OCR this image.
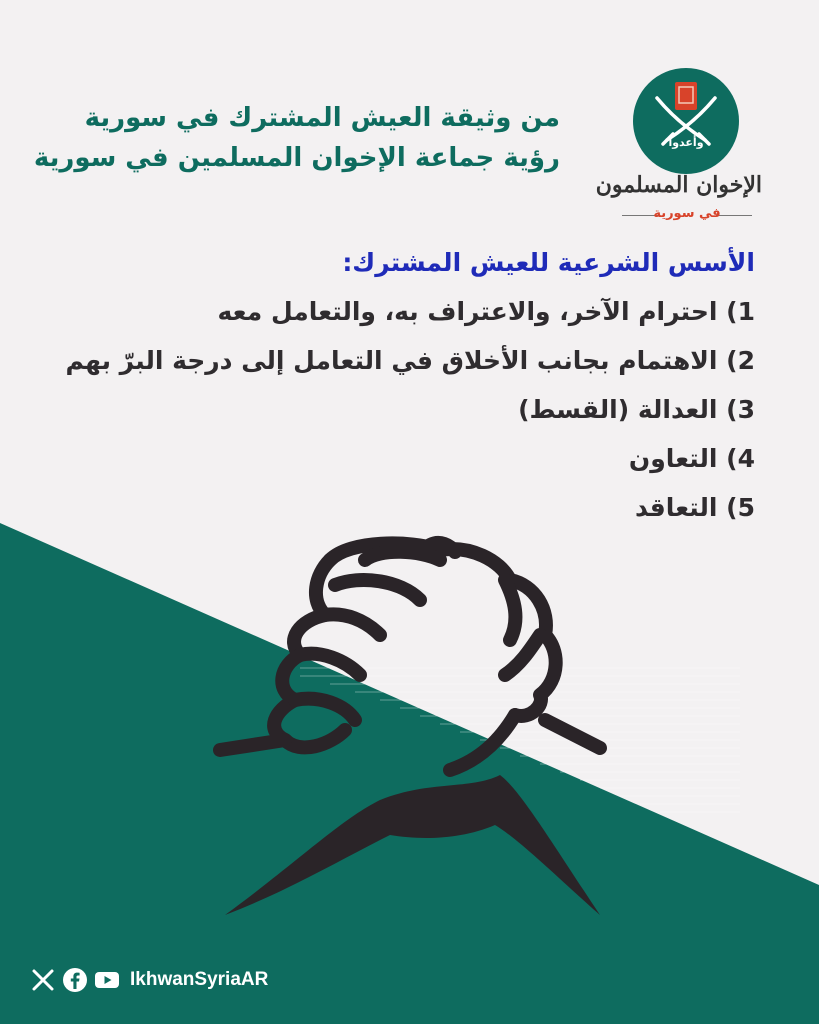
من وثيقة العيش المشترك في سورية
رؤية جماعة الإخوان المسلمين في سورية
وأعدوا
الإخوان المسلمون
في سورية
الأسس الشرعية للعيش المشترك:
1) احترام الآخر، والاعتراف به، والتعامل معه
2) الاهتمام بجانب الأخلاق في التعامل إلى درجة البرّ بهم
3) العدالة (القسط)
4) التعاون
5) التعاقد
IkhwanSyriaAR
